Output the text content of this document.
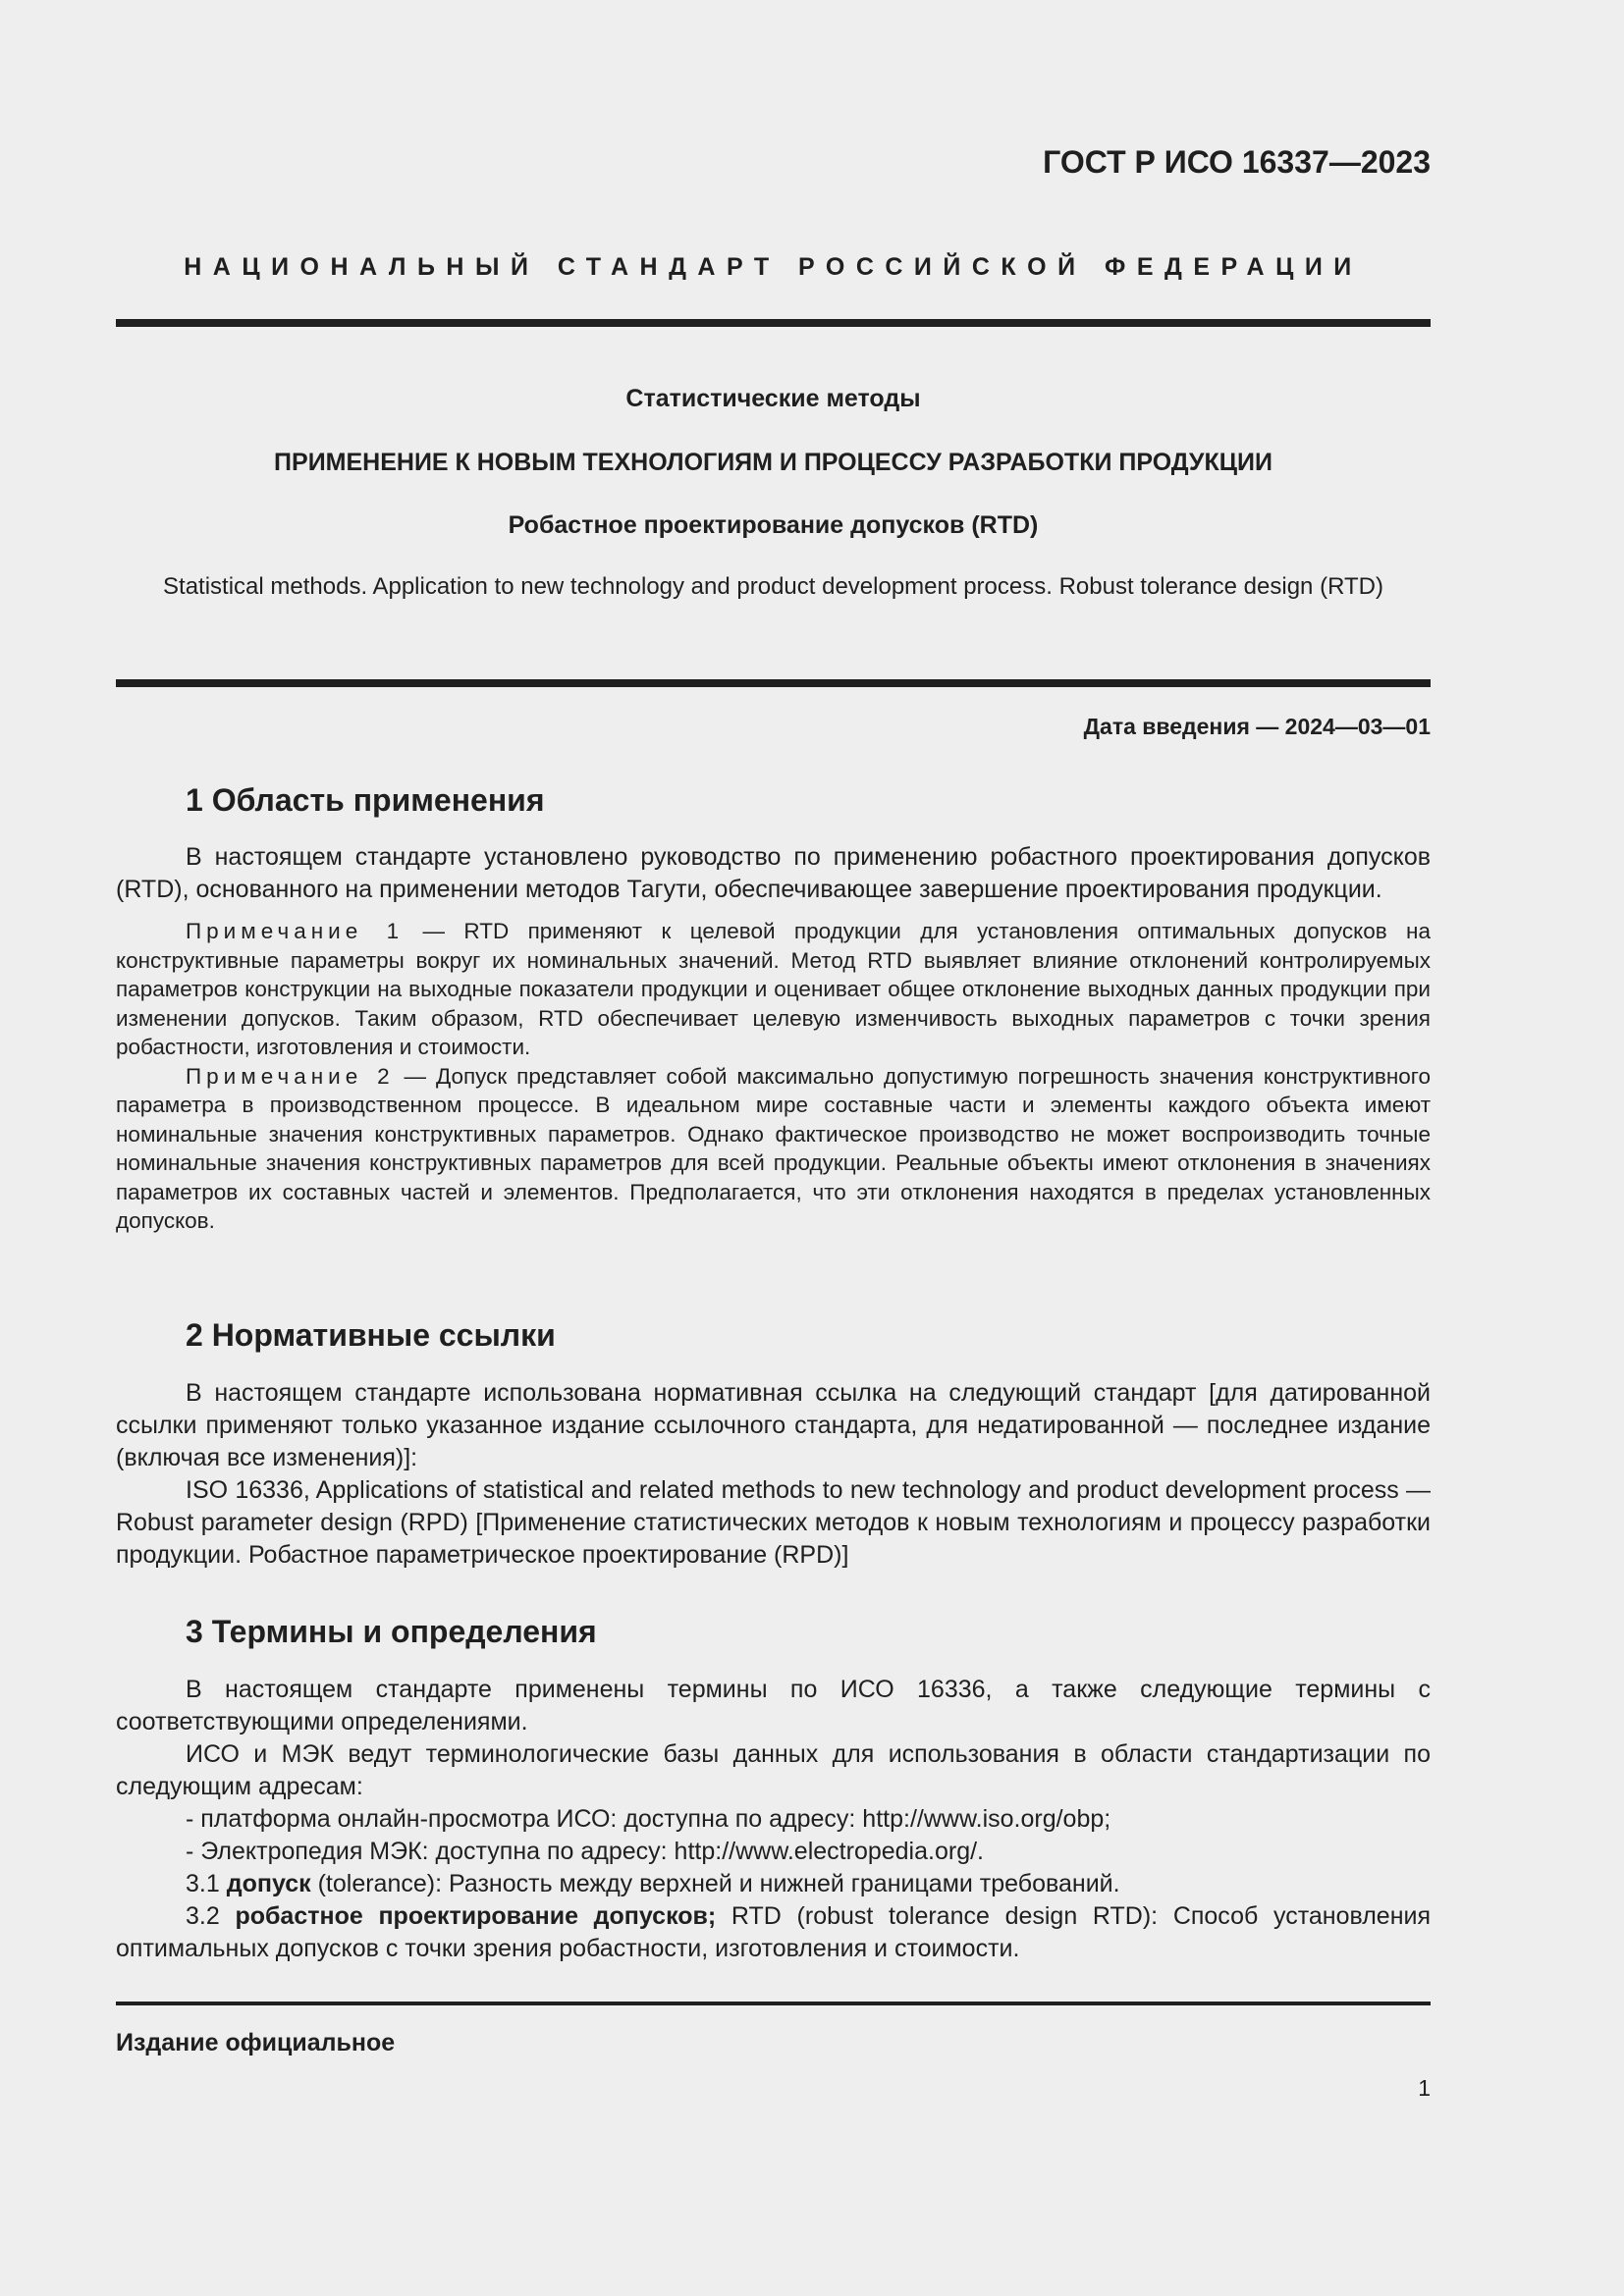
ГОСТ Р ИСО 16337—2023
НАЦИОНАЛЬНЫЙ СТАНДАРТ РОССИЙСКОЙ ФЕДЕРАЦИИ
Статистические методы
ПРИМЕНЕНИЕ К НОВЫМ ТЕХНОЛОГИЯМ И ПРОЦЕССУ РАЗРАБОТКИ ПРОДУКЦИИ
Робастное проектирование допусков (RTD)
Statistical methods. Application to new technology and product development process. Robust tolerance design (RTD)
Дата введения — 2024—03—01
1 Область применения

В настоящем стандарте установлено руководство по применению робастного проектирования допусков (RTD), основанного на применении методов Тагути, обеспечивающее завершение проектирования продукции.

Примечание 1 — RTD применяют к целевой продукции для установления оптимальных допусков на конструктивные параметры вокруг их номинальных значений. Метод RTD выявляет влияние отклонений контролируемых параметров конструкции на выходные показатели продукции и оценивает общее отклонение выходных данных продукции при изменении допусков. Таким образом, RTD обеспечивает целевую изменчивость выходных параметров с точки зрения робастности, изготовления и стоимости.

Примечание 2 — Допуск представляет собой максимально допустимую погрешность значения конструктивного параметра в производственном процессе. В идеальном мире составные части и элементы каждого объекта имеют номинальные значения конструктивных параметров. Однако фактическое производство не может воспроизводить точные номинальные значения конструктивных параметров для всей продукции. Реальные объекты имеют отклонения в значениях параметров их составных частей и элементов. Предполагается, что эти отклонения находятся в пределах установленных допусков.

2 Нормативные ссылки

В настоящем стандарте использована нормативная ссылка на следующий стандарт [для датированной ссылки применяют только указанное издание ссылочного стандарта, для недатированной — последнее издание (включая все изменения)]:

ISO 16336, Applications of statistical and related methods to new technology and product development process — Robust parameter design (RPD) [Применение статистических методов к новым технологиям и процессу разработки продукции. Робастное параметрическое проектирование (RPD)]

3 Термины и определения

В настоящем стандарте применены термины по ИСО 16336, а также следующие термины с соответствующими определениями.

ИСО и МЭК ведут терминологические базы данных для использования в области стандартизации по следующим адресам:

- платформа онлайн-просмотра ИСО: доступна по адресу: http://www.iso.org/obp;

- Электропедия МЭК: доступна по адресу: http://www.electropedia.org/.

3.1 допуск (tolerance): Разность между верхней и нижней границами требований.

3.2 робастное проектирование допусков; RTD (robust tolerance design RTD): Способ установления оптимальных допусков с точки зрения робастности, изготовления и стоимости.

Издание официальное
1
